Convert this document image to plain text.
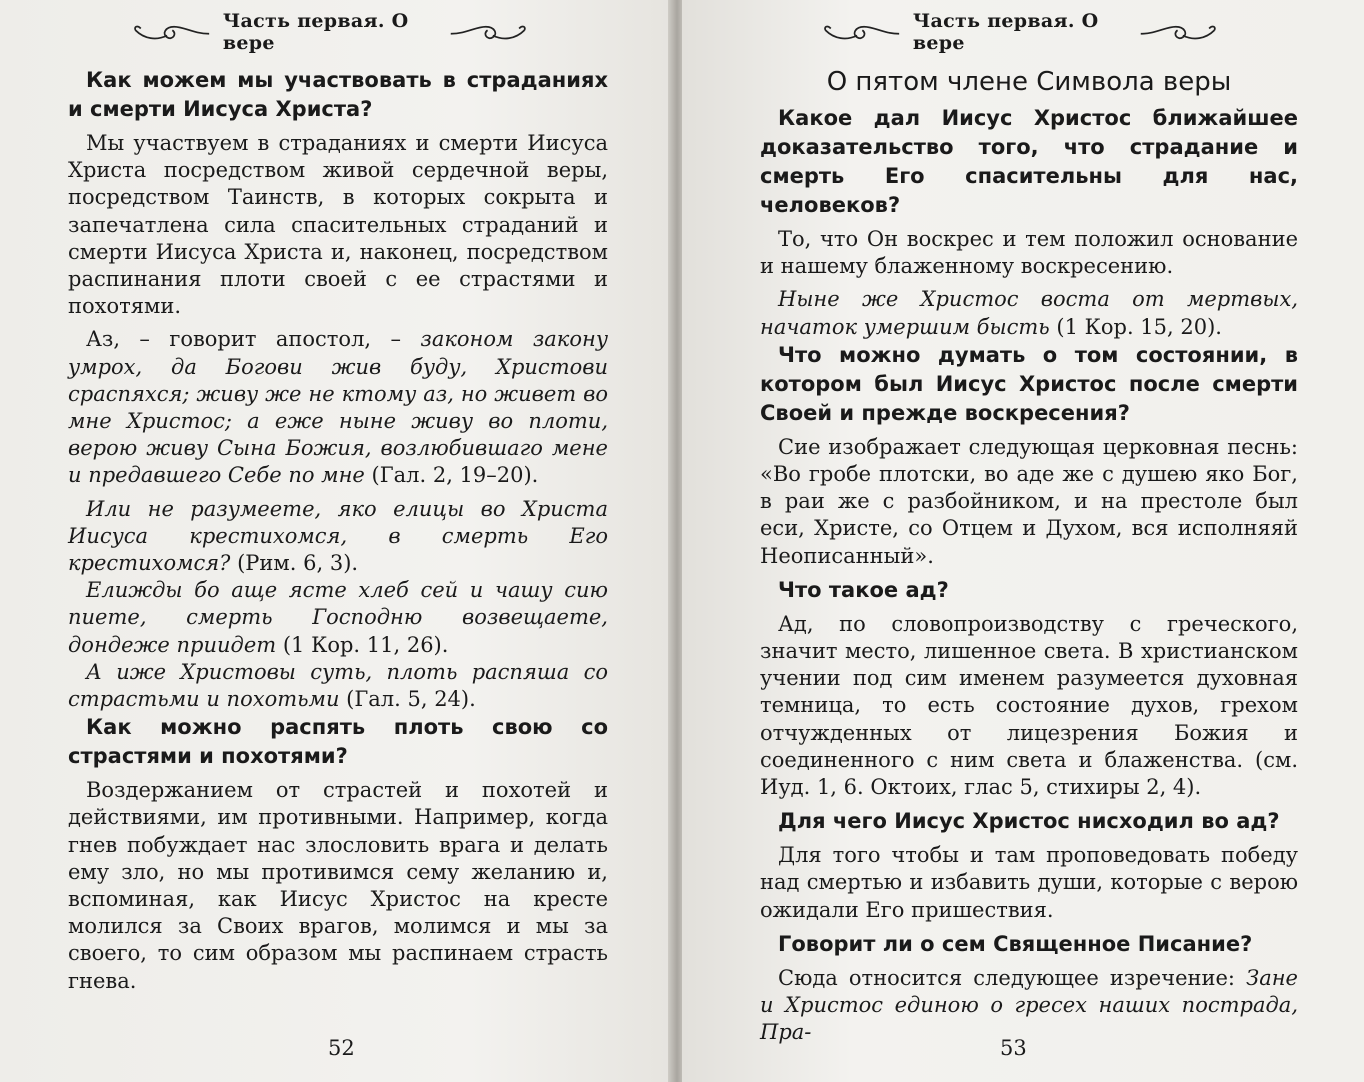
Часть первая. О вере

Как можем мы участвовать в страданиях и смерти Иисуса Христа?

Мы участвуем в страданиях и смерти Иисуса Христа посредством живой сердечной веры, посредством Таинств, в которых сокрыта и запечатлена сила спасительных страданий и смерти Иисуса Христа и, наконец, посредством распинания плоти своей с ее страстями и похотями.

Аз, – говорит апостол, – законом закону умрох, да Богови жив буду, Христови сраспяхся; живу же не ктому аз, но живет во мне Христос; а еже ныне живу во плоти, верою живу Сына Божия, возлюбившаго мене и предавшего Себе по мне (Гал. 2, 19–20).

Или не разумеете, яко елицы во Христа Иисуса крестихомся, в смерть Его крестихомся? (Рим. 6, 3).

Елижды бо аще ясте хлеб сей и чашу сию пиете, смерть Господню возвещаете, дондеже приидет (1 Кор. 11, 26).

А иже Христовы суть, плоть распяша со страстьми и похотьми (Гал. 5, 24).

Как можно распять плоть свою со страстями и похотями?

Воздержанием от страстей и похотей и действиями, им противными. Например, когда гнев побуждает нас злословить врага и делать ему зло, но мы противимся сему желанию и, вспоминая, как Иисус Христос на кресте молился за Своих врагов, молимся и мы за своего, то сим образом мы распинаем страсть гнева.

52
Часть первая. О вере
О пятом члене Символа веры

Какое дал Иисус Христос ближайшее доказательство того, что страдание и смерть Его спасительны для нас, человеков?

То, что Он воскрес и тем положил основание и нашему блаженному воскресению.

Ныне же Христос воста от мертвых, начаток умершим бысть (1 Кор. 15, 20).

Что можно думать о том состоянии, в котором был Иисус Христос после смерти Своей и прежде воскресения?

Сие изображает следующая церковная песнь: «Во гробе плотски, во аде же с душею яко Бог, в раи же с разбойником, и на престоле был еси, Христе, со Отцем и Духом, вся исполняяй Неописанный».

Что такое ад?

Ад, по словопроизводству с греческого, значит место, лишенное света. В христианском учении под сим именем разумеется духовная темница, то есть состояние духов, грехом отчужденных от лицезрения Божия и соединенного с ним света и блаженства. (см. Иуд. 1, 6. Октоих, глас 5, стихиры 2, 4).

Для чего Иисус Христос нисходил во ад?

Для того чтобы и там проповедовать победу над смертью и избавить души, которые с верою ожидали Его пришествия.

Говорит ли о сем Священное Писание?

Сюда относится следующее изречение: Зане и Христос единою о гресех наших пострада, Пра-

53
